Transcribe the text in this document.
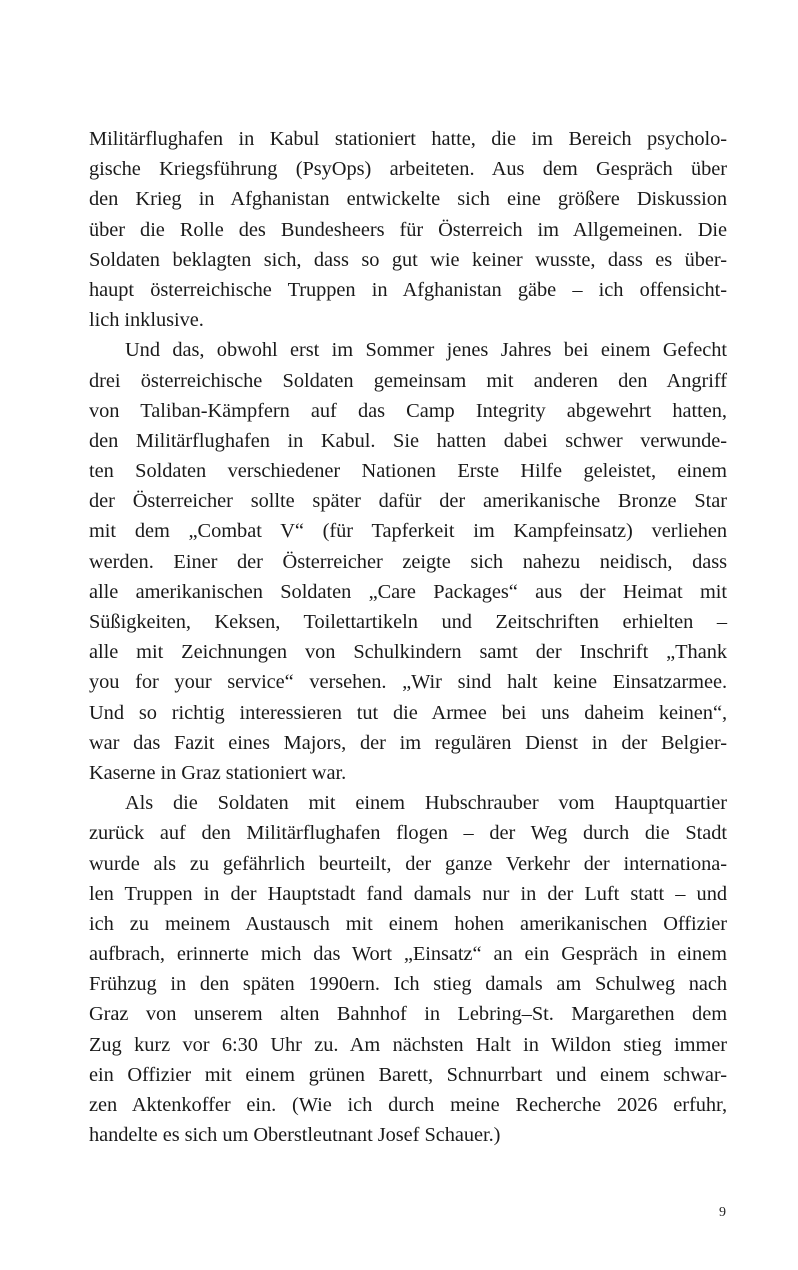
Militärflughafen in Kabul stationiert hatte, die im Bereich psycholo-
gische Kriegsführung (PsyOps) arbeiteten. Aus dem Gespräch über
den Krieg in Afghanistan entwickelte sich eine größere Diskussion
über die Rolle des Bundesheers für Österreich im Allgemeinen. Die
Soldaten beklagten sich, dass so gut wie keiner wusste, dass es über-
haupt österreichische Truppen in Afghanistan gäbe – ich offensicht-
lich inklusive.
Und das, obwohl erst im Sommer jenes Jahres bei einem Gefecht
drei österreichische Soldaten gemeinsam mit anderen den Angriff
von Taliban-Kämpfern auf das Camp Integrity abgewehrt hatten,
den Militärflughafen in Kabul. Sie hatten dabei schwer verwunde-
ten Soldaten verschiedener Nationen Erste Hilfe geleistet, einem
der Österreicher sollte später dafür der amerikanische Bronze Star
mit dem „Combat V“ (für Tapferkeit im Kampfeinsatz) verliehen
werden. Einer der Österreicher zeigte sich nahezu neidisch, dass
alle amerikanischen Soldaten „Care Packages“ aus der Heimat mit
Süßigkeiten, Keksen, Toilettartikeln und Zeitschriften erhielten –
alle mit Zeichnungen von Schulkindern samt der Inschrift „Thank
you for your service“ versehen. „Wir sind halt keine Einsatzarmee.
Und so richtig interessieren tut die Armee bei uns daheim keinen“,
war das Fazit eines Majors, der im regulären Dienst in der Belgier-
Kaserne in Graz stationiert war.
Als die Soldaten mit einem Hubschrauber vom Hauptquartier
zurück auf den Militärflughafen flogen – der Weg durch die Stadt
wurde als zu gefährlich beurteilt, der ganze Verkehr der internationa-
len Truppen in der Hauptstadt fand damals nur in der Luft statt – und
ich zu meinem Austausch mit einem hohen amerikanischen Offizier
aufbrach, erinnerte mich das Wort „Einsatz“ an ein Gespräch in einem
Frühzug in den späten 1990ern. Ich stieg damals am Schulweg nach
Graz von unserem alten Bahnhof in Lebring–St. Margarethen dem
Zug kurz vor 6:30 Uhr zu. Am nächsten Halt in Wildon stieg immer
ein Offizier mit einem grünen Barett, Schnurrbart und einem schwar-
zen Aktenkoffer ein. (Wie ich durch meine Recherche 2026 erfuhr,
handelte es sich um Oberstleutnant Josef Schauer.)
9
